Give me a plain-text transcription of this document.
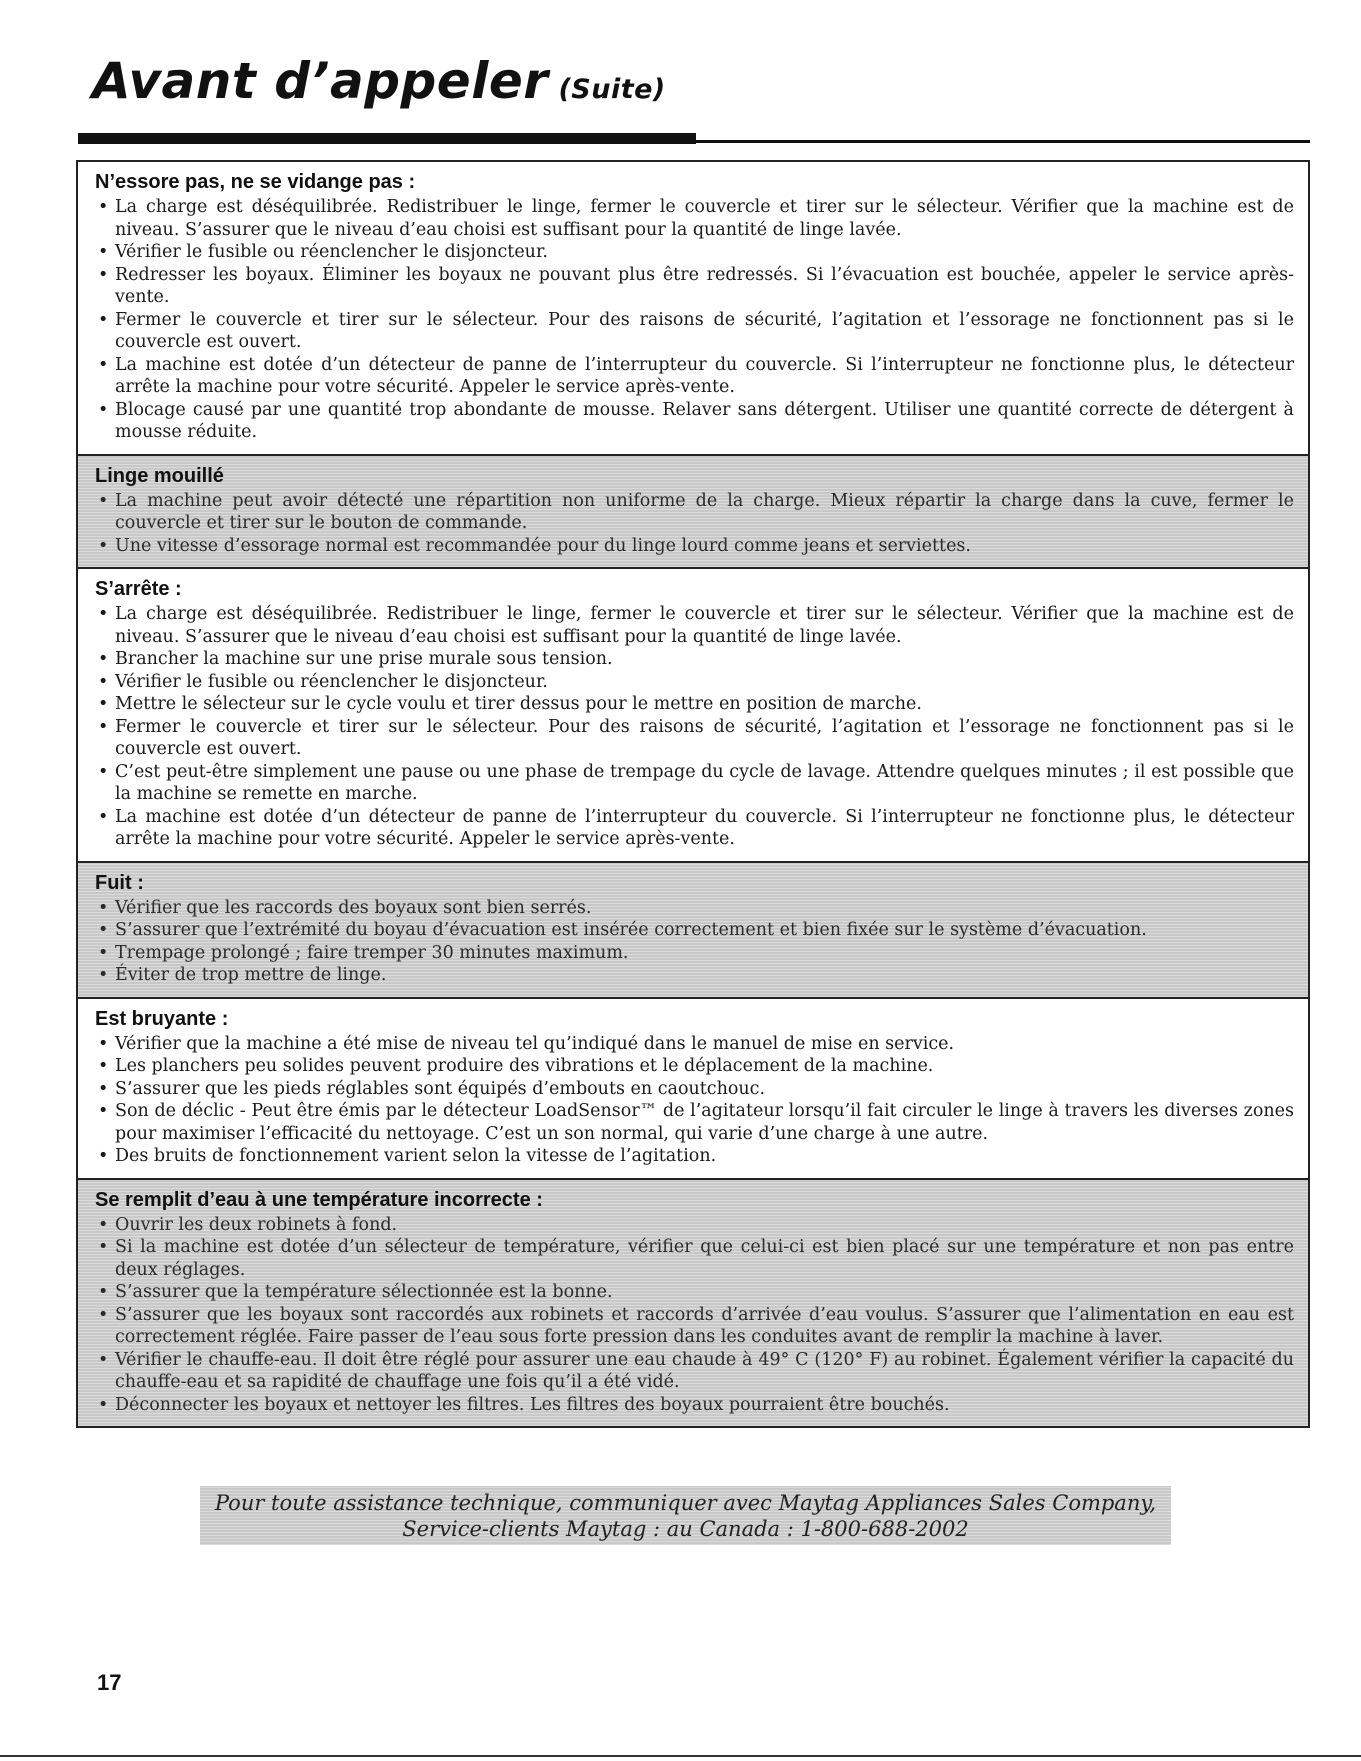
Avant d’appeler (Suite)
N’essore pas, ne se vidange pas :
• La charge est déséquilibrée. Redistribuer le linge, fermer le couvercle et tirer sur le sélecteur. Vérifier que la machine est de niveau. S’assurer que le niveau d’eau choisi est suffisant pour la quantité de linge lavée.
• Vérifier le fusible ou réenclencher le disjoncteur.
• Redresser les boyaux. Éliminer les boyaux ne pouvant plus être redressés. Si l’évacuation est bouchée, appeler le service après-vente.
• Fermer le couvercle et tirer sur le sélecteur. Pour des raisons de sécurité, l’agitation et l’essorage ne fonctionnent pas si le couvercle est ouvert.
• La machine est dotée d’un détecteur de panne de l’interrupteur du couvercle. Si l’interrupteur ne fonctionne plus, le détecteur arrête la machine pour votre sécurité. Appeler le service après-vente.
• Blocage causé par une quantité trop abondante de mousse. Relaver sans détergent. Utiliser une quantité correcte de détergent à mousse réduite.
Linge mouillé
• La machine peut avoir détecté une répartition non uniforme de la charge. Mieux répartir la charge dans la cuve, fermer le couvercle et tirer sur le bouton de commande.
• Une vitesse d’essorage normal est recommandée pour du linge lourd comme jeans et serviettes.
S’arrête :
• La charge est déséquilibrée. Redistribuer le linge, fermer le couvercle et tirer sur le sélecteur. Vérifier que la machine est de niveau. S’assurer que le niveau d’eau choisi est suffisant pour la quantité de linge lavée.
• Brancher la machine sur une prise murale sous tension.
• Vérifier le fusible ou réenclencher le disjoncteur.
• Mettre le sélecteur sur le cycle voulu et tirer dessus pour le mettre en position de marche.
• Fermer le couvercle et tirer sur le sélecteur. Pour des raisons de sécurité, l’agitation et l’essorage ne fonctionnent pas si le couvercle est ouvert.
• C’est peut-être simplement une pause ou une phase de trempage du cycle de lavage. Attendre quelques minutes ; il est possible que la machine se remette en marche.
• La machine est dotée d’un détecteur de panne de l’interrupteur du couvercle. Si l’interrupteur ne fonctionne plus, le détecteur arrête la machine pour votre sécurité. Appeler le service après-vente.
Fuit :
• Vérifier que les raccords des boyaux sont bien serrés.
• S’assurer que l’extrémité du boyau d’évacuation est insérée correctement et bien fixée sur le système d’évacuation.
• Trempage prolongé ; faire tremper 30 minutes maximum.
• Éviter de trop mettre de linge.
Est bruyante :
• Vérifier que la machine a été mise de niveau tel qu’indiqué dans le manuel de mise en service.
• Les planchers peu solides peuvent produire des vibrations et le déplacement de la machine.
• S’assurer que les pieds réglables sont équipés d’embouts en caoutchouc.
• Son de déclic - Peut être émis par le détecteur LoadSensor™ de l’agitateur lorsqu’il fait circuler le linge à travers les diverses zones pour maximiser l’efficacité du nettoyage. C’est un son normal, qui varie d’une charge à une autre.
• Des bruits de fonctionnement varient selon la vitesse de l’agitation.
Se remplit d’eau à une température incorrecte :
• Ouvrir les deux robinets à fond.
• Si la machine est dotée d’un sélecteur de température, vérifier que celui-ci est bien placé sur une température et non pas entre deux réglages.
• S’assurer que la température sélectionnée est la bonne.
• S’assurer que les boyaux sont raccordés aux robinets et raccords d’arrivée d’eau voulus. S’assurer que l’alimentation en eau est correctement réglée. Faire passer de l’eau sous forte pression dans les conduites avant de remplir la machine à laver.
• Vérifier le chauffe-eau. Il doit être réglé pour assurer une eau chaude à 49° C (120° F) au robinet. Également vérifier la capacité du chauffe-eau et sa rapidité de chauffage une fois qu’il a été vidé.
• Déconnecter les boyaux et nettoyer les filtres. Les filtres des boyaux pourraient être bouchés.
Pour toute assistance technique, communiquer avec Maytag Appliances Sales Company,
Service-clients Maytag : au Canada : 1-800-688-2002
17
